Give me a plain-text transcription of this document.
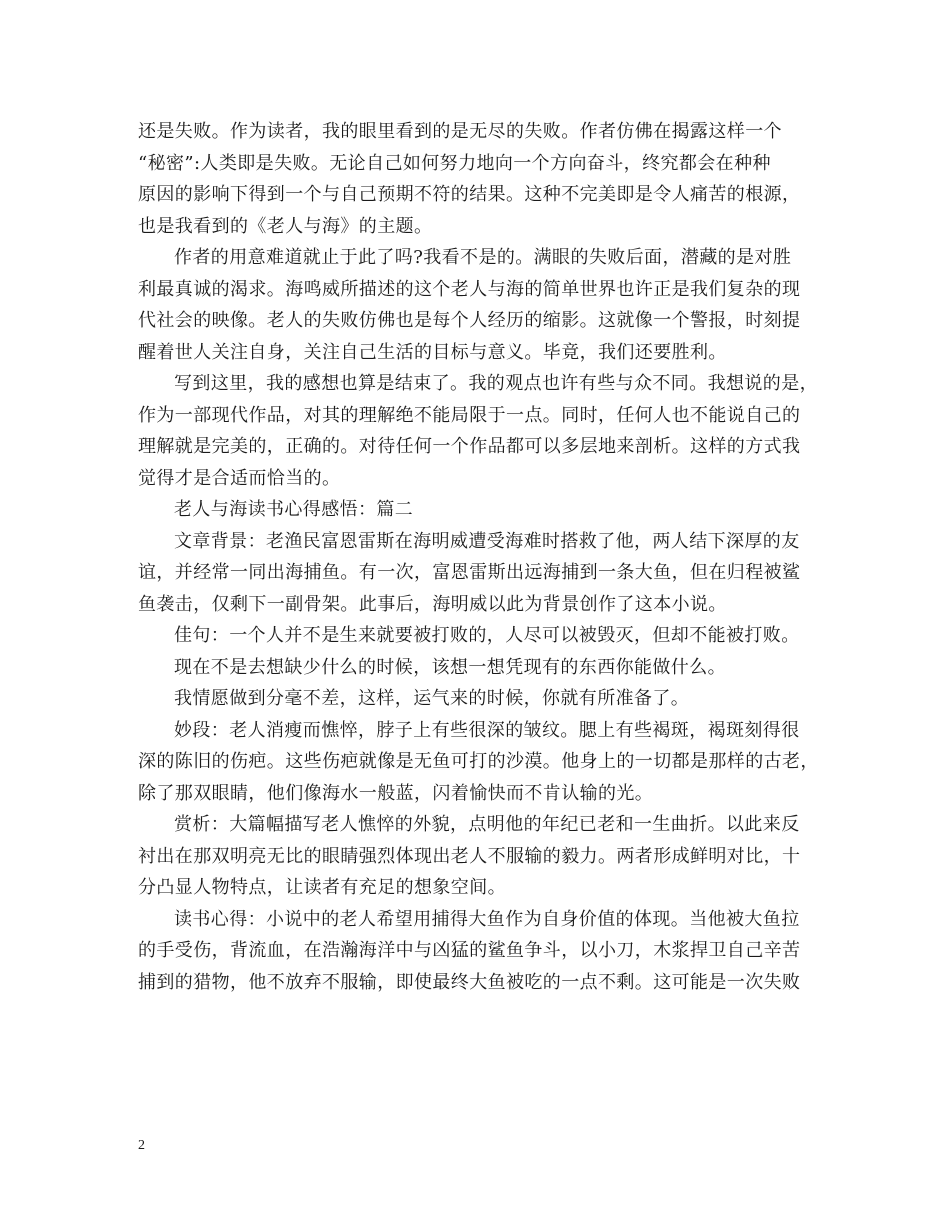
还是失败。作为读者，我的眼里看到的是无尽的失败。作者仿佛在揭露这样一个
“秘密”:人类即是失败。无论自己如何努力地向一个方向奋斗，终究都会在种种
原因的影响下得到一个与自己预期不符的结果。这种不完美即是令人痛苦的根源，
也是我看到的《老人与海》的主题。
作者的用意难道就止于此了吗?我看不是的。满眼的失败后面，潜藏的是对胜
利最真诚的渴求。海鸣威所描述的这个老人与海的简单世界也许正是我们复杂的现
代社会的映像。老人的失败仿佛也是每个人经历的缩影。这就像一个警报，时刻提
醒着世人关注自身，关注自己生活的目标与意义。毕竟，我们还要胜利。
写到这里，我的感想也算是结束了。我的观点也许有些与众不同。我想说的是，
作为一部现代作品，对其的理解绝不能局限于一点。同时，任何人也不能说自己的
理解就是完美的，正确的。对待任何一个作品都可以多层地来剖析。这样的方式我
觉得才是合适而恰当的。
老人与海读书心得感悟：篇二
文章背景：老渔民富恩雷斯在海明威遭受海难时搭救了他，两人结下深厚的友
谊，并经常一同出海捕鱼。有一次，富恩雷斯出远海捕到一条大鱼，但在归程被鲨
鱼袭击，仅剩下一副骨架。此事后，海明威以此为背景创作了这本小说。
佳句：一个人并不是生来就要被打败的，人尽可以被毁灭，但却不能被打败。
现在不是去想缺少什么的时候，该想一想凭现有的东西你能做什么。
我情愿做到分毫不差，这样，运气来的时候，你就有所准备了。
妙段：老人消瘦而憔悴，脖子上有些很深的皱纹。腮上有些褐斑，褐斑刻得很
深的陈旧的伤疤。这些伤疤就像是无鱼可打的沙漠。他身上的一切都是那样的古老，
除了那双眼睛，他们像海水一般蓝，闪着愉快而不肯认输的光。
赏析：大篇幅描写老人憔悴的外貌，点明他的年纪已老和一生曲折。以此来反
衬出在那双明亮无比的眼睛强烈体现出老人不服输的毅力。两者形成鲜明对比，十
分凸显人物特点，让读者有充足的想象空间。
读书心得：小说中的老人希望用捕得大鱼作为自身价值的体现。当他被大鱼拉
的手受伤，背流血，在浩瀚海洋中与凶猛的鲨鱼争斗，以小刀，木浆捍卫自己辛苦
捕到的猎物，他不放弃不服输，即使最终大鱼被吃的一点不剩。这可能是一次失败
2
